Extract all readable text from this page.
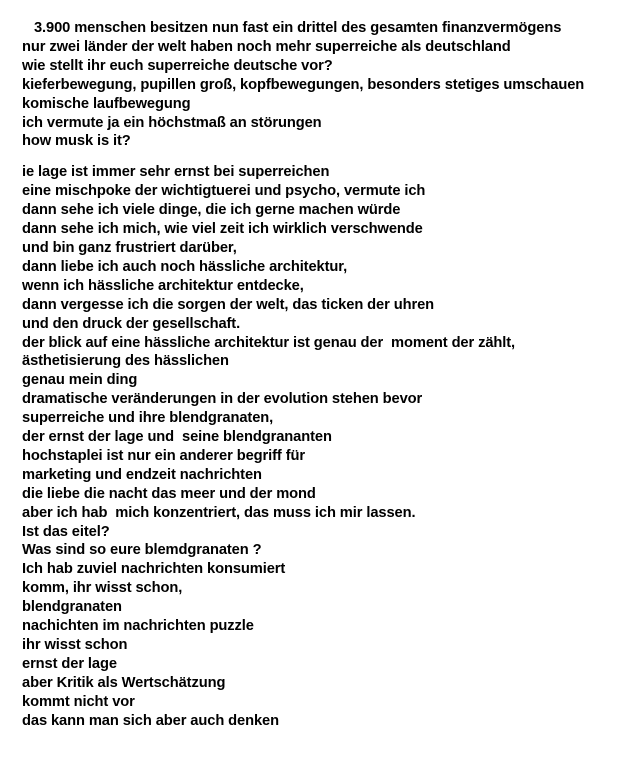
3.900 menschen besitzen nun fast ein drittel des gesamten finanzvermögens
nur zwei länder der welt haben noch mehr superreiche als deutschland
wie stellt ihr euch superreiche deutsche vor?
kieferbewegung, pupillen groß, kopfbewegungen, besonders stetiges umschauen
komische laufbewegung
ich vermute ja ein höchstmaß an störungen
how musk is it?
ie lage ist immer sehr ernst bei superreichen
eine mischpoke der wichtigtuerei und psycho, vermute ich
dann sehe ich viele dinge, die ich gerne machen würde
dann sehe ich mich, wie viel zeit ich wirklich verschwende
und bin ganz frustriert darüber,
dann liebe ich auch noch hässliche architektur,
wenn ich hässliche architektur entdecke,
dann vergesse ich die sorgen der welt, das ticken der uhren
und den druck der gesellschaft.
der blick auf eine hässliche architektur ist genau der  moment der zählt,
ästhetisierung des hässlichen
genau mein ding
dramatische veränderungen in der evolution stehen bevor
superreiche und ihre blendgranaten,
der ernst der lage und  seine blendgrananten
hochstaplei ist nur ein anderer begriff für
marketing und endzeit nachrichten
die liebe die nacht das meer und der mond
aber ich hab  mich konzentriert, das muss ich mir lassen.
Ist das eitel?
Was sind so eure blemdgranaten ?
Ich hab zuviel nachrichten konsumiert
komm, ihr wisst schon,
blendgranaten
nachichten im nachrichten puzzle
ihr wisst schon
ernst der lage
aber Kritik als Wertschätzung
kommt nicht vor
das kann man sich aber auch denken
